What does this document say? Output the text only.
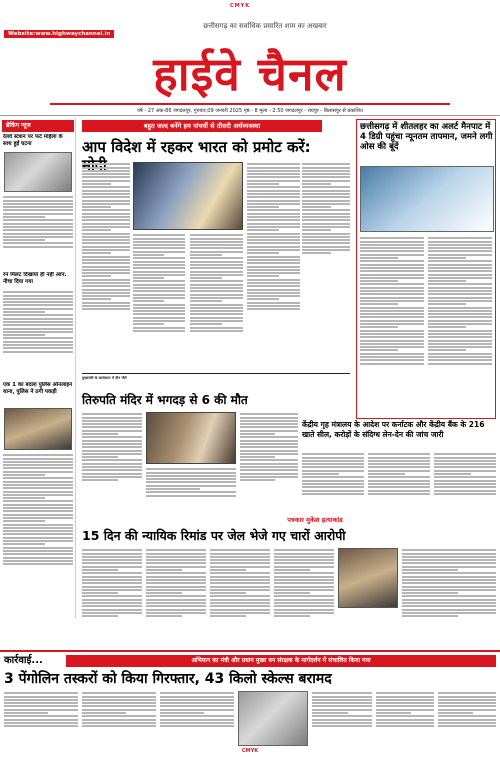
CMYK
Website:www.highwaychannel.in
छत्तीसगढ़ का सर्वाधिक प्रसारित शाम का अखबार
हाईवे चैनल
वर्ष - 27 अंक-86 जगदलपुर, गुरुवार,09 जनवरी 2025 पृष्ठ - 8 मूल्य - 2.50 जगदलपुर - रायपुर - बिलासपुर से प्रकाशित
ब्रेकिंग न्यूज
रेलवे स्टेशन पर फटे महिला के साथ हुई घटना
रन मिलट दिखाया ही नहीं आप. नीचा दिया गया
एक 1 का बदला पुलिस ऑनलाइन थाना, पुलिस ने ठगी पकड़ी
बहुत जल्द बनेंगे हम पांचवीं से तीसरी अर्थव्यवस्था
आप विदेश में रहकर भारत को प्रमोट करें:
मुख्यमंत्री के कार्यकाल में तीन मौतें
तिरुपति मंदिर में भगदड़ से 6 की मौत
छत्तीसगढ़ में शीतलहर का अलर्ट मैनपाट में 4 डिग्री पहुंचा न्यूनतम तापमान, जमने लगी ओस की बूंदें
केंद्रीय गृह मंत्रालय के आदेश पर कर्नाटक और केंद्रीय बैंक के 216 खाते सील, करोड़ों के संदिग्ध लेन-देन की जांच जारी
पत्रकार मुकेश हत्याकांड
15 दिन की न्यायिक रिमांड पर जेल भेजे गए चारों आरोपी
कार्रवाई...	अभियान का मंत्री और प्रधान मुख्य वन संरक्षक के मार्गदर्शन में संचालित किया गया
3 पेंगोलिन तस्करों को किया गिरफ्तार, 43 किलो स्केल्स बरामद
CMYK
